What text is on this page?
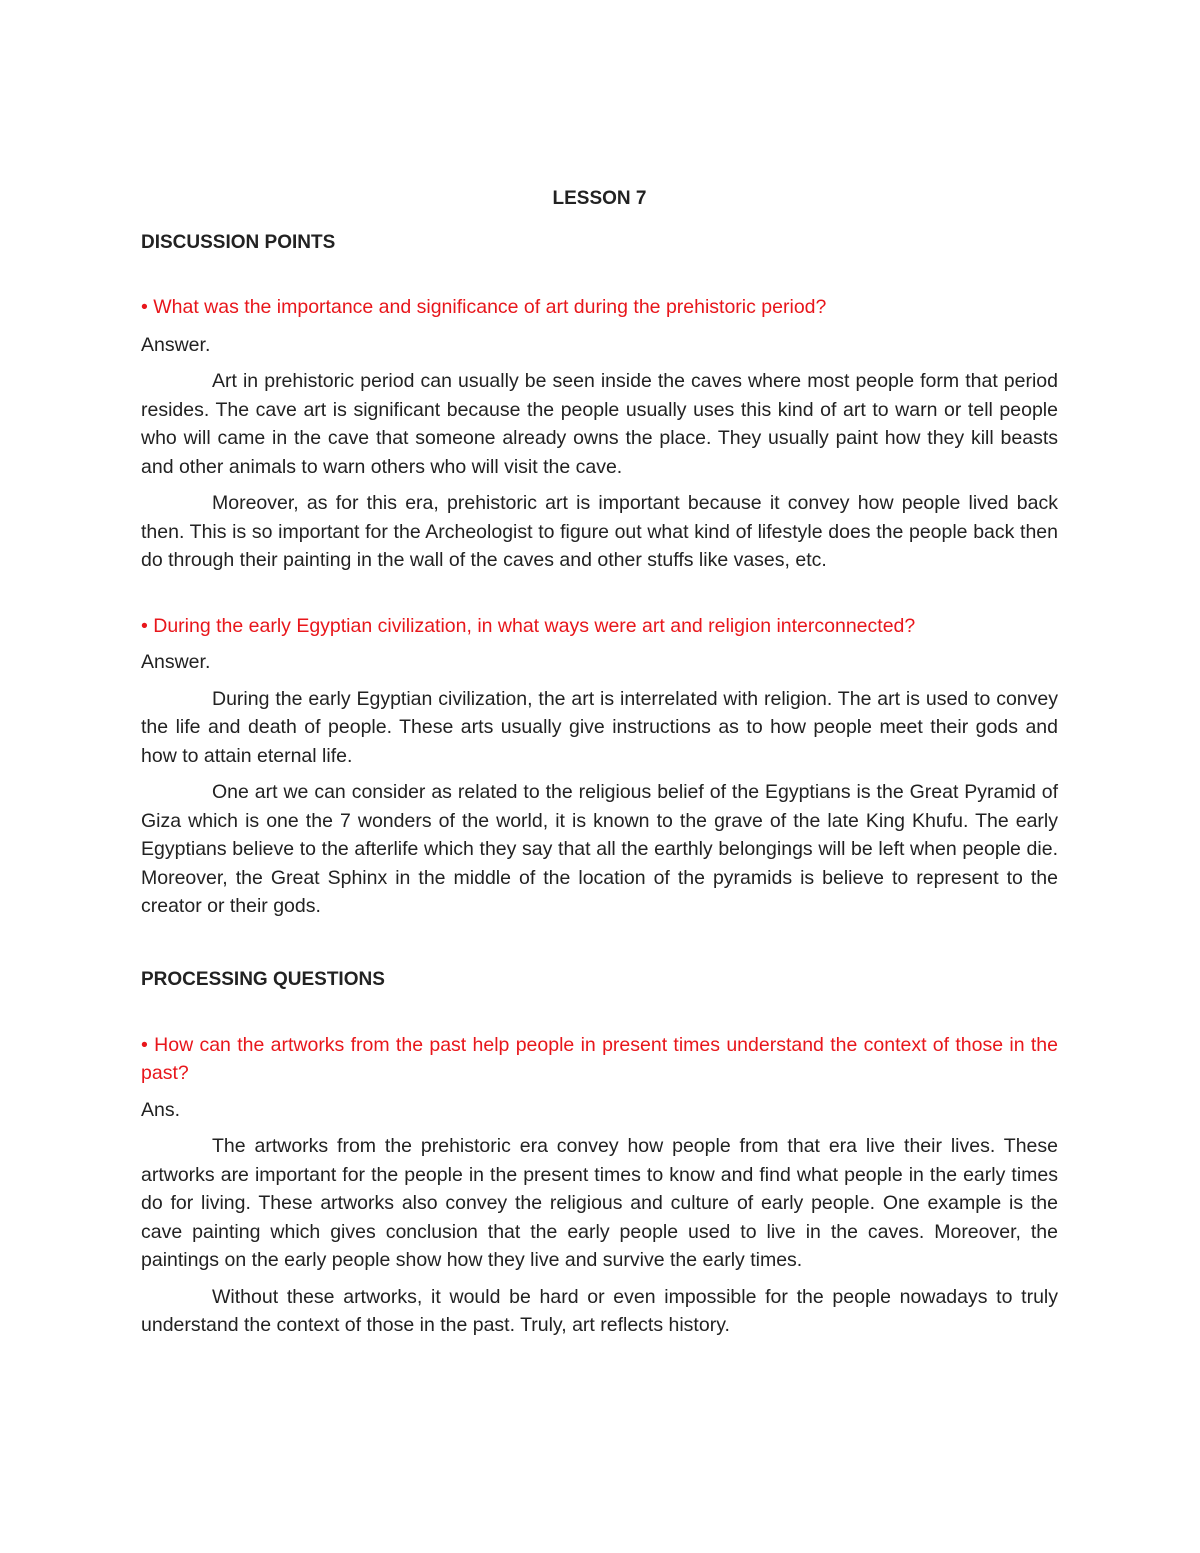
LESSON 7
DISCUSSION POINTS
• What was the importance and significance of art during the prehistoric period?
Answer.

Art in prehistoric period can usually be seen inside the caves where most people form that period resides. The cave art is significant because the people usually uses this kind of art to warn or tell people who will came in the cave that someone already owns the place. They usually paint how they kill beasts and other animals to warn others who will visit the cave.

Moreover, as for this era, prehistoric art is important because it convey how people lived back then. This is so important for the Archeologist to figure out what kind of lifestyle does the people back then do through their painting in the wall of the caves and other stuffs like vases, etc.

• During the early Egyptian civilization, in what ways were art and religion interconnected?
Answer.

During the early Egyptian civilization, the art is interrelated with religion. The art is used to convey the life and death of people. These arts usually give instructions as to how people meet their gods and how to attain eternal life.

One art we can consider as related to the religious belief of the Egyptians is the Great Pyramid of Giza which is one the 7 wonders of the world, it is known to the grave of the late King Khufu. The early Egyptians believe to the afterlife which they say that all the earthly belongings will be left when people die. Moreover, the Great Sphinx in the middle of the location of the pyramids is believe to represent to the creator or their gods.

PROCESSING QUESTIONS
• How can the artworks from the past help people in present times understand the context of those in the past?
Ans.

The artworks from the prehistoric era convey how people from that era live their lives. These artworks are important for the people in the present times to know and find what people in the early times do for living. These artworks also convey the religious and culture of early people. One example is the cave painting which gives conclusion that the early people used to live in the caves. Moreover, the paintings on the early people show how they live and survive the early times.

Without these artworks, it would be hard or even impossible for the people nowadays to truly understand the context of those in the past. Truly, art reflects history.
